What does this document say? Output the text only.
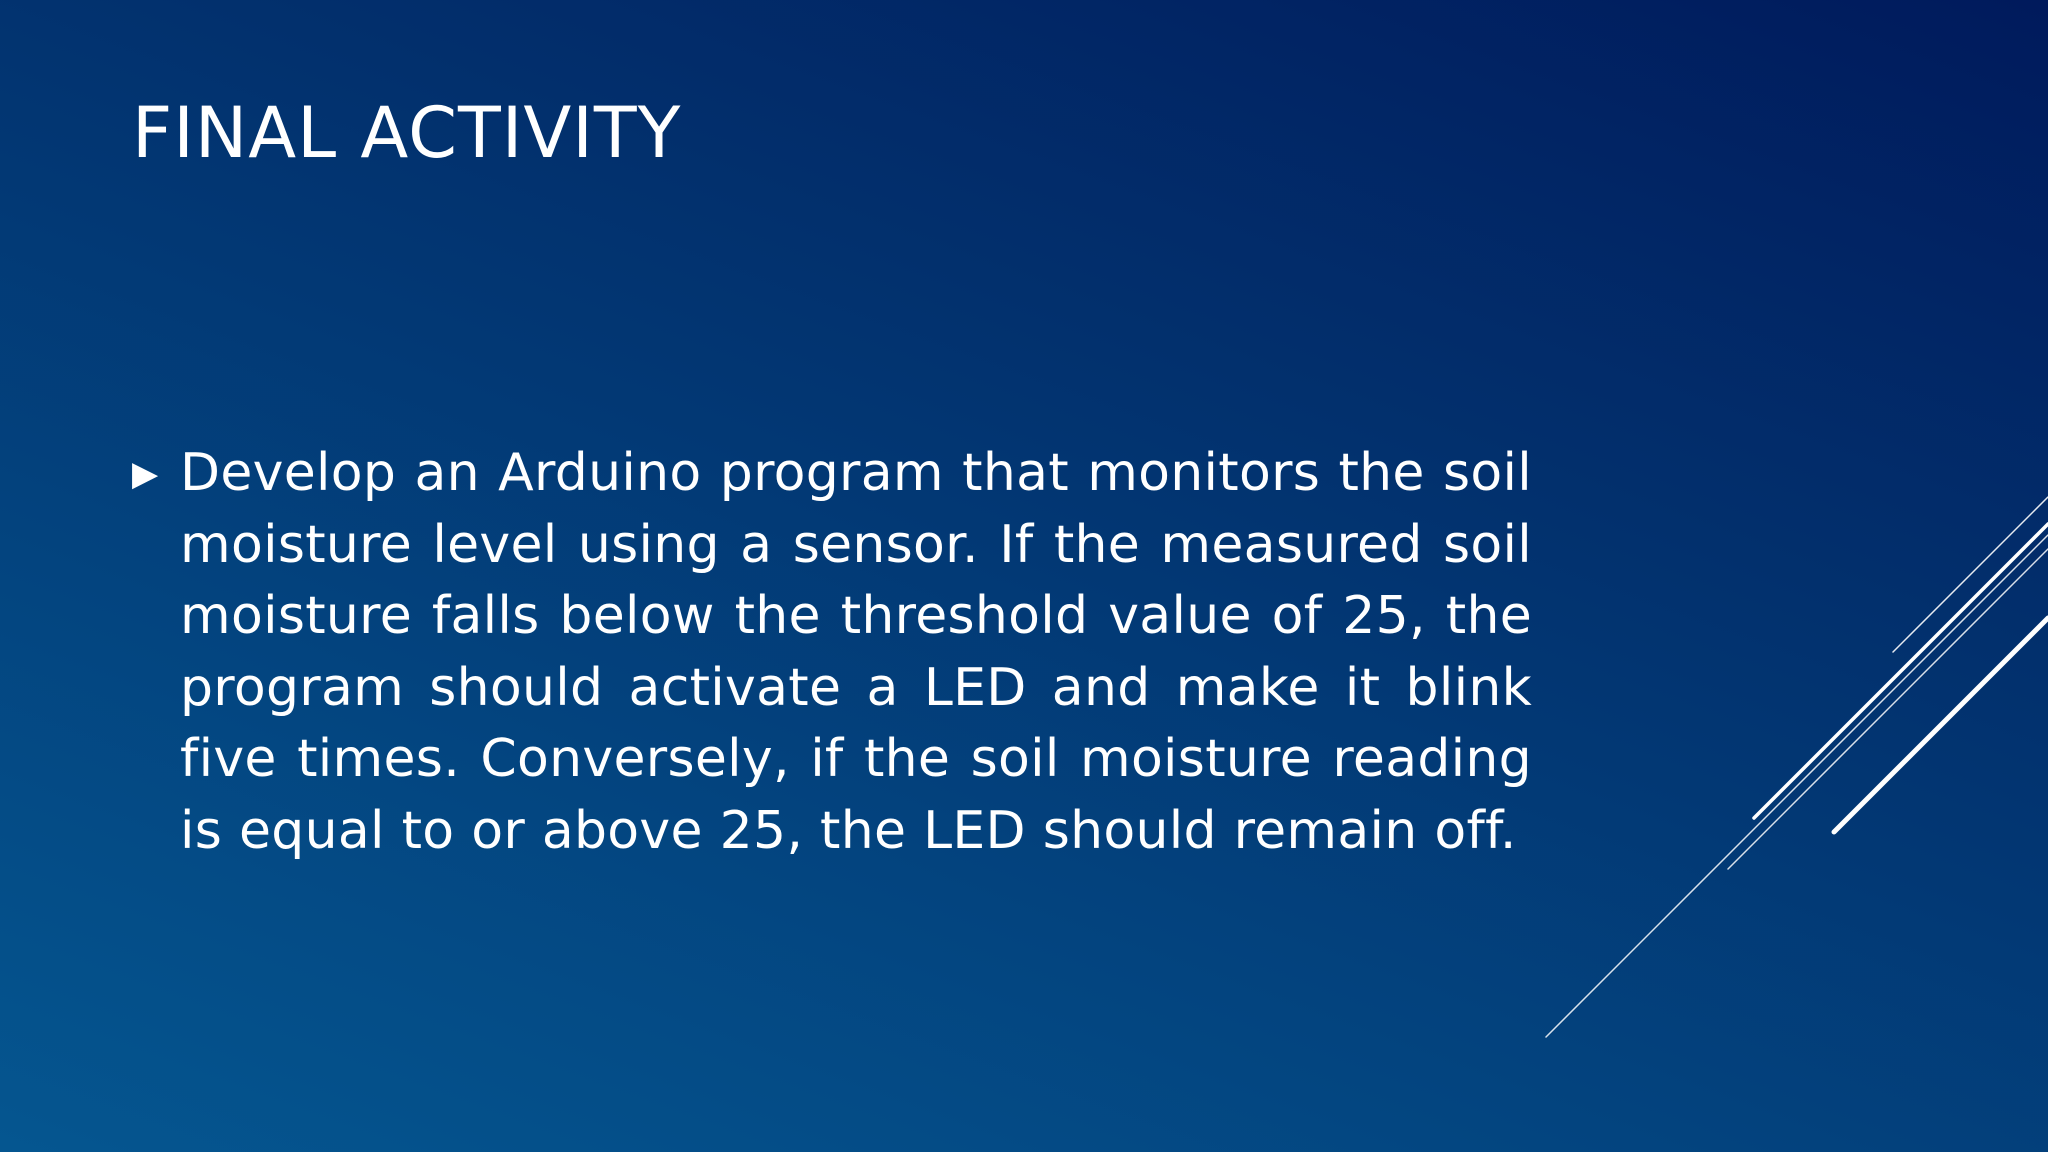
FINAL ACTIVITY
▶ Develop an Arduino program that monitors the soil moisture level using a sensor. If the measured soil moisture falls below the threshold value of 25, the program should activate a LED and make it blink five times. Conversely, if the soil moisture reading is equal to or above 25, the LED should remain off.
